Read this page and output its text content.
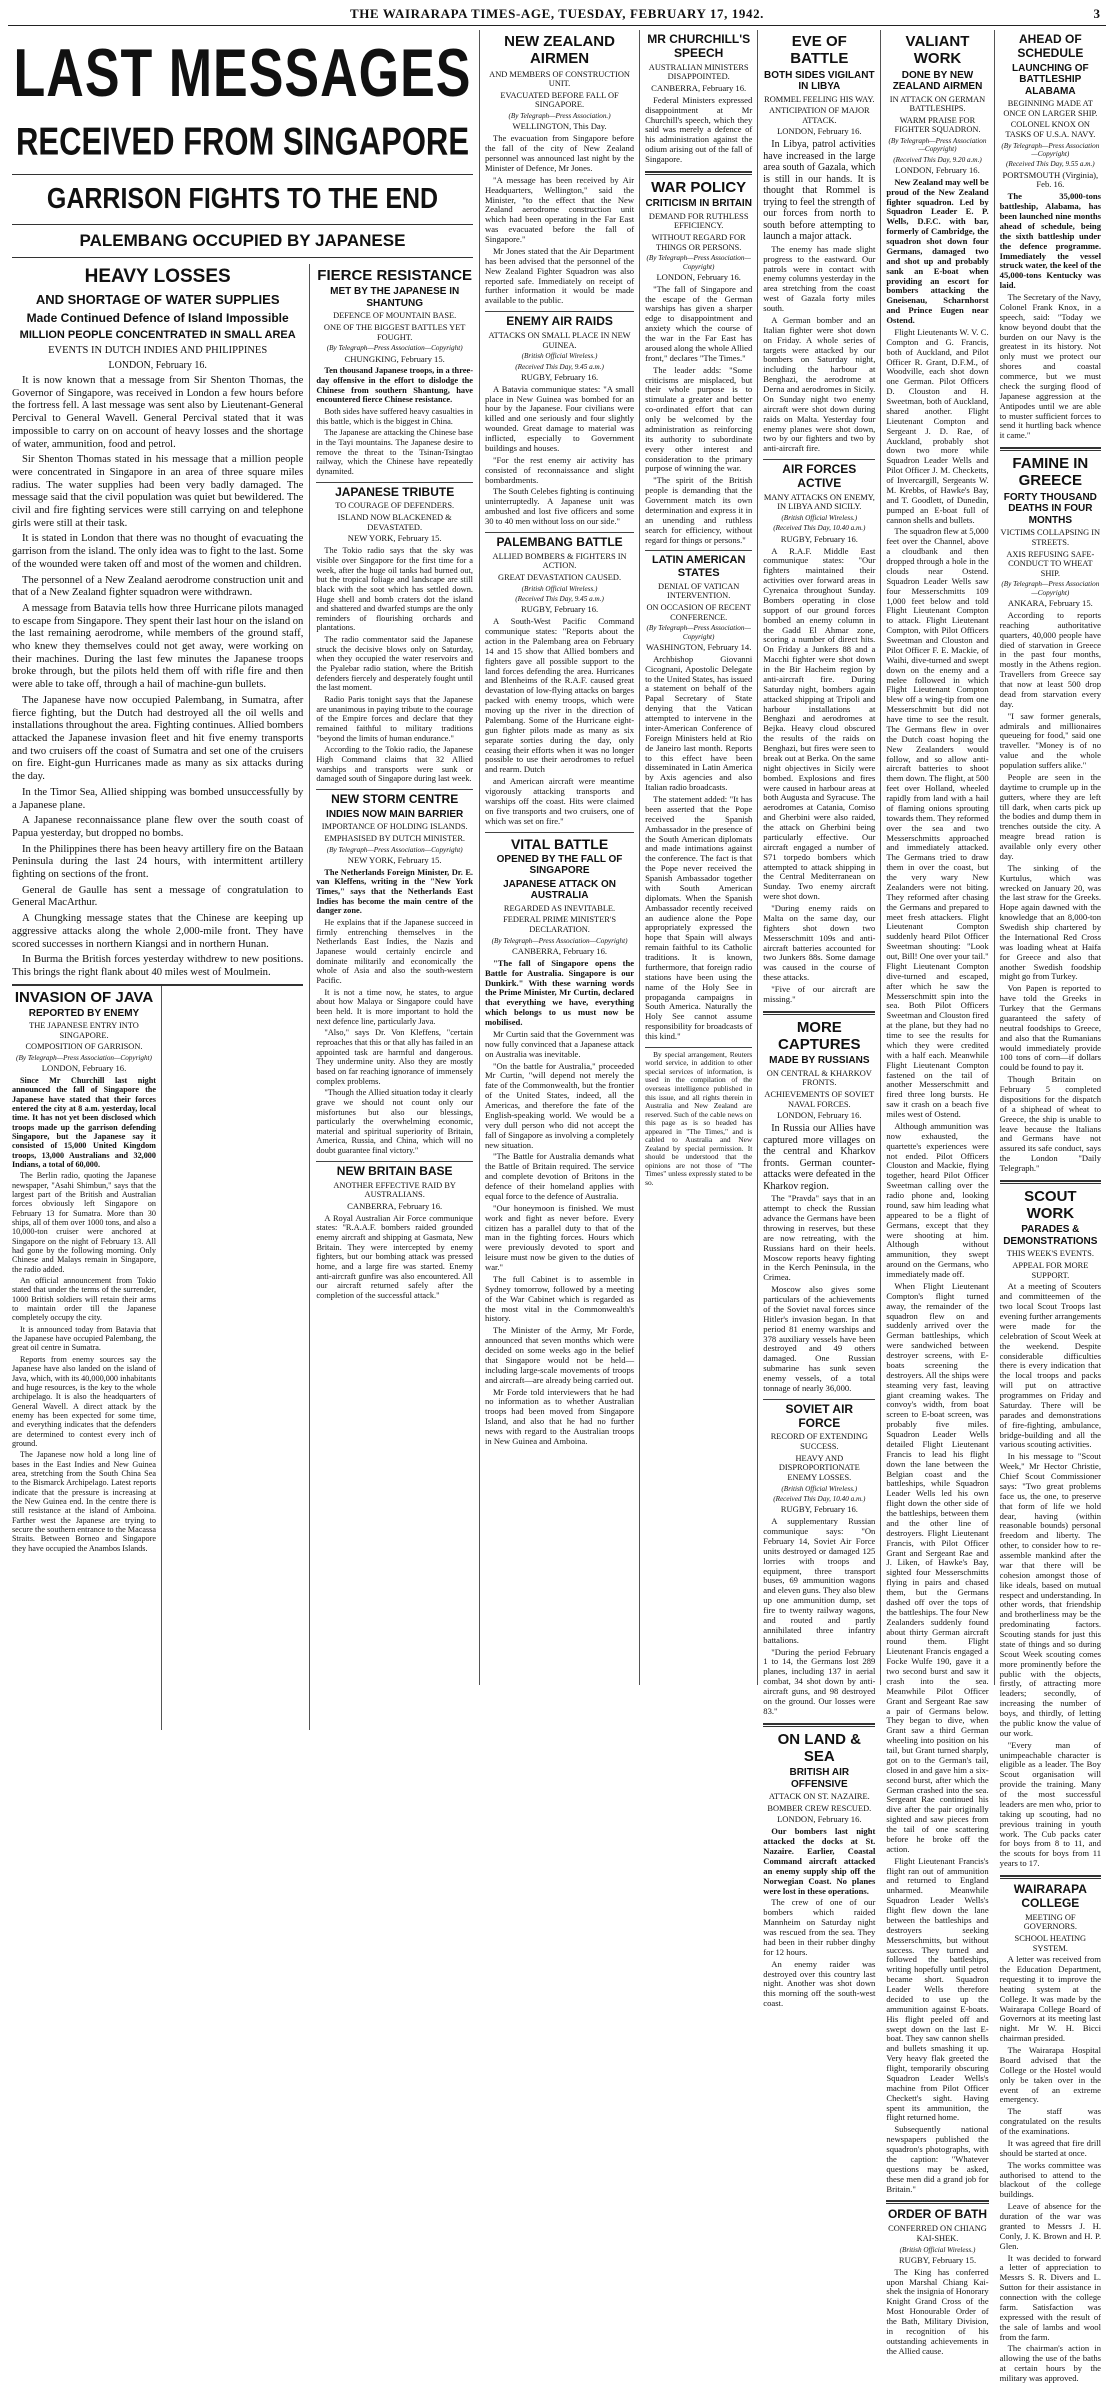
THE WAIRARAPA TIMES-AGE, TUESDAY, FEBRUARY 17, 1942.	3
LAST MESSAGES
RECEIVED FROM SINGAPORE
GARRISON FIGHTS TO THE END
PALEMBANG OCCUPIED BY JAPANESE
HEAVY LOSSES
AND SHORTAGE OF WATER SUPPLIES
Made Continued Defence of Island Impossible
MILLION PEOPLE CONCENTRATED IN SMALL AREA
EVENTS IN DUTCH INDIES AND PHILIPPINES
LONDON, February 16.

It is now known that a message from Sir Shenton Thomas, the Governor of Singapore, was received in London a few hours before the fortress fell. A last message was sent also by Lieutenant-General Percival to General Wavell. General Percival stated that it was impossible to carry on on account of heavy losses and the shortage of water, ammunition, food and petrol.

Sir Shenton Thomas stated in his message that a million people were concentrated in Singapore in an area of three square miles radius. The water supplies had been very badly damaged. The message said that the civil population was quiet but bewildered. The civil and fire fighting services were still carrying on and telephone girls were still at their task.

It is stated in London that there was no thought of evacuating the garrison from the island. The only idea was to fight to the last. Some of the wounded were taken off and most of the women and children.

The personnel of a New Zealand aerodrome construction unit and that of a New Zealand fighter squadron were withdrawn.

A message from Batavia tells how three Hurricane pilots managed to escape from Singapore. They spent their last hour on the island on the last remaining aerodrome, while members of the ground staff, who knew they themselves could not get away, were working on their machines. During the last few minutes the Japanese troops broke through, but the pilots held them off with rifle fire and then were able to take off, through a hail of machine-gun bullets.

The Japanese have now occupied Palembang, in Sumatra, after fierce fighting, but the Dutch had destroyed all the oil wells and installations throughout the area. Fighting continues. Allied bombers attacked the Japanese invasion fleet and hit five enemy transports and two cruisers off the coast of Sumatra and set one of the cruisers on fire. Eight-gun Hurricanes made as many as six attacks during the day.

In the Timor Sea, Allied shipping was bombed unsuccessfully by a Japanese plane.

A Japanese reconnaissance plane flew over the south coast of Papua yesterday, but dropped no bombs.

In the Philippines there has been heavy artillery fire on the Bataan Peninsula during the last 24 hours, with intermittent artillery fighting on sections of the front.

General de Gaulle has sent a message of congratulation to General MacArthur.

A Chungking message states that the Chinese are keeping up aggressive attacks along the whole 2,000-mile front. They have scored successes in northern Kiangsi and in northern Hunan.

In Burma the British forces yesterday withdrew to new positions. This brings the right flank about 40 miles west of Moulmein.

INVASION OF JAVA
REPORTED BY ENEMY
THE JAPANESE ENTRY INTO SINGAPORE.
COMPOSITION OF GARRISON.
(By Telegraph—Press Association—Copyright)
LONDON, February 16.

Since Mr Churchill last night announced the fall of Singapore the Japanese have stated that their forces entered the city at 8 a.m. yesterday, local time. It has not yet been disclosed which troops made up the garrison defending Singapore, but the Japanese say it consisted of 15,000 United Kingdom troops, 13,000 Australians and 32,000 Indians, a total of 60,000.

The Berlin radio, quoting the Japanese newspaper, "Asahi Shimbun," says that the largest part of the British and Australian forces obviously left Singapore on February 13 for Sumatra. More than 30 ships, all of them over 1000 tons, and also a 10,000-ton cruiser were anchored at Singapore on the night of February 13. All had gone by the following morning. Only Chinese and Malays remain in Singapore, the radio added.

An official announcement from Tokio stated that under the terms of the surrender, 1000 British soldiers will retain their arms to maintain order till the Japanese completely occupy the city.

It is announced today from Batavia that the Japanese have occupied Palembang, the great oil centre in Sumatra.

Reports from enemy sources say the Japanese have also landed on the island of Java, which, with its 40,000,000 inhabitants and huge resources, is the key to the whole archipelago. It is also the headquarters of General Wavell. A direct attack by the enemy has been expected for some time, and everything indicates that the defenders are determined to contest every inch of ground.

The Japanese now hold a long line of bases in the East Indies and New Guinea area, stretching from the South China Sea to the Bismarck Archipelago. Latest reports indicate that the pressure is increasing at the New Guinea end. In the centre there is still resistance at the island of Amboina. Farther west the Japanese are trying to secure the southern entrance to the Macassa Straits. Between Borneo and Singapore they have occupied the Anambos Islands.

FIERCE RESISTANCE
MET BY THE JAPANESE IN SHANTUNG
DEFENCE OF MOUNTAIN BASE.
ONE OF THE BIGGEST BATTLES YET FOUGHT.
(By Telegraph—Press Association—Copyright)
CHUNGKING, February 15.

Ten thousand Japanese troops, in a three-day offensive in the effort to dislodge the Chinese from southern Shantung, have encountered fierce Chinese resistance.

Both sides have suffered heavy casualties in this battle, which is the biggest in China.

The Japanese are attacking the Chinese base in the Tayi mountains. The Japanese desire to remove the threat to the Tsinan-Tsingtao railway, which the Chinese have repeatedly dynamited.

JAPANESE TRIBUTE
TO COURAGE OF DEFENDERS.
ISLAND NOW BLACKENED & DEVASTATED.
NEW YORK, February 15.

The Tokio radio says that the sky was visible over Singapore for the first time for a week, after the huge oil tanks had burned out, but the tropical foliage and landscape are still black with the soot which has settled down. Huge shell and bomb craters dot the island and shattered and dwarfed stumps are the only reminders of flourishing orchards and plantations.

The radio commentator said the Japanese struck the decisive blows only on Saturday, when they occupied the water reservoirs and the Pyalebar radio station, where the British defenders fiercely and desperately fought until the last moment.

Radio Paris tonight says that the Japanese are unanimous in paying tribute to the courage of the Empire forces and declare that they remained faithful to military traditions "beyond the limits of human endurance."

According to the Tokio radio, the Japanese High Command claims that 32 Allied warships and transports were sunk or damaged south of Singapore during last week.

NEW STORM CENTRE
INDIES NOW MAIN BARRIER
IMPORTANCE OF HOLDING ISLANDS.
EMPHASISED BY DUTCH MINISTER.
(By Telegraph—Press Association—Copyright)
NEW YORK, February 15.

The Netherlands Foreign Minister, Dr. E. van Kleffens, writing in the "New York Times," says that the Netherlands East Indies has become the main centre of the danger zone.

He explains that if the Japanese succeed in firmly entrenching themselves in the Netherlands East Indies, the Nazis and Japanese would certainly encircle and dominate militarily and economically the whole of Asia and also the south-western Pacific.

It is not a time now, he states, to argue about how Malaya or Singapore could have been held. It is more important to hold the next defence line, particularly Java.

"Also," says Dr. Von Kleffens, "certain reproaches that this or that ally has failed in an appointed task are harmful and dangerous. They undermine unity. Also they are mostly based on far reaching ignorance of immensely complex problems.

"Though the Allied situation today it clearly grave we should not count only our misfortunes but also our blessings, particularly the overwhelming economic, material and spiritual superiority of Britain, America, Russia, and China, which will no doubt guarantee final victory."

NEW BRITAIN BASE
ANOTHER EFFECTIVE RAID BY AUSTRALIANS.
CANBERRA, February 16.

A Royal Australian Air Force communique states: "R.A.A.F. bombers raided grounded enemy aircraft and shipping at Gasmata, New Britain. They were intercepted by enemy fighters, but our bombing attack was pressed home, and a large fire was started. Enemy anti-aircraft gunfire was also encountered. All our aircraft returned safely after the completion of the successful attack."

NEW ZEALAND AIRMEN
AND MEMBERS OF CONSTRUCTION UNIT.
EVACUATED BEFORE FALL OF SINGAPORE.
(By Telegraph—Press Association.)
WELLINGTON, This Day.

The evacuation from Singapore before the fall of the city of New Zealand personnel was announced last night by the Minister of Defence, Mr Jones.

"A message has been received by Air Headquarters, Wellington," said the Minister, "to the effect that the New Zealand aerodrome construction unit which had been operating in the Far East was evacuated before the fall of Singapore."

Mr Jones stated that the Air Department has been advised that the personnel of the New Zealand Fighter Squadron was also reported safe. Immediately on receipt of further information it would be made available to the public.

ENEMY AIR RAIDS
ATTACKS ON SMALL PLACE IN NEW GUINEA.
(British Official Wireless.)
(Received This Day, 9.45 a.m.)
RUGBY, February 16.

A Batavia communique states: "A small place in New Guinea was bombed for an hour by the Japanese. Four civilians were killed and one seriously and four slightly wounded. Great damage to material was inflicted, especially to Government buildings and houses.

"For the rest enemy air activity has consisted of reconnaissance and slight bombardments.

The South Celebes fighting is continuing uninterruptedly. A Japanese unit was ambushed and lost five officers and some 30 to 40 men without loss on our side."

PALEMBANG BATTLE
ALLIED BOMBERS & FIGHTERS IN ACTION.
GREAT DEVASTATION CAUSED.
(British Official Wireless.)
(Received This Day, 9.45 a.m.)
RUGBY, February 16.

A South-West Pacific Command communique states: "Reports about the action in the Palembang area on February 14 and 15 show that Allied bombers and fighters gave all possible support to the land forces defending the area. Hurricanes and Blenheims of the R.A.F. caused great devastation of low-flying attacks on barges packed with enemy troops, which were moving up the river in the direction of Palembang. Some of the Hurricane eight-gun fighter pilots made as many as six separate sorties during the day, only ceasing their efforts when it was no longer possible to use their aerodromes to refuel and rearm. Dutch

and American aircraft were meantime vigorously attacking transports and warships off the coast. Hits were claimed on five transports and two cruisers, one of which was set on fire."

VITAL BATTLE
OPENED BY THE FALL OF SINGAPORE
JAPANESE ATTACK ON AUSTRALIA
REGARDED AS INEVITABLE.
FEDERAL PRIME MINISTER'S DECLARATION.
(By Telegraph—Press Association—Copyright)
CANBERRA, February 16.

"The fall of Singapore opens the Battle for Australia. Singapore is our Dunkirk." With these warning words the Prime Minister, Mr Curtin, declared that everything we have, everything which belongs to us must now be mobilised.

Mr Curtin said that the Government was now fully convinced that a Japanese attack on Australia was inevitable.

"On the battle for Australia," proceeded Mr Curtin, "will depend not merely the fate of the Commonwealth, but the frontier of the United States, indeed, all the Americas, and therefore the fate of the English-speaking world. We would be a very dull person who did not accept the fall of Singapore as involving a completely new situation.

"The Battle for Australia demands what the Battle of Britain required. The service and complete devotion of Britons in the defence of their homeland applies with equal force to the defence of Australia.

"Our honeymoon is finished. We must work and fight as never before. Every citizen has a parallel duty to that of the man in the fighting forces. Hours which were previously devoted to sport and leisure must now be given to the duties of war."

The full Cabinet is to assemble in Sydney tomorrow, followed by a meeting of the War Cabinet which is regarded as the most vital in the Commonwealth's history.

The Minister of the Army, Mr Forde, announced that seven months which were decided on some weeks ago in the belief that Singapore would not be held—including large-scale movements of troops and aircraft—are already being carried out.

Mr Forde told interviewers that he had no information as to whether Australian troops had been moved from Singapore Island, and also that he had no further news with regard to the Australian troops in New Guinea and Amboina.

MR CHURCHILL'S SPEECH
AUSTRALIAN MINISTERS DISAPPOINTED.
CANBERRA, February 16.

Federal Ministers expressed disappointment at Mr Churchill's speech, which they said was merely a defence of his administration against the odium arising out of the fall of Singapore.

WAR POLICY
CRITICISM IN BRITAIN
DEMAND FOR RUTHLESS EFFICIENCY.
WITHOUT REGARD FOR THINGS OR PERSONS.
(By Telegraph—Press Association—Copyright)
LONDON, February 16.

"The fall of Singapore and the escape of the German warships has given a sharper edge to disappointment and anxiety which the course of the war in the Far East has aroused along the whole Allied front," declares "The Times."

The leader adds: "Some criticisms are misplaced, but their whole purpose is to stimulate a greater and better co-ordinated effort that can only be welcomed by the administration as reinforcing its authority to subordinate every other interest and consideration to the primary purpose of winning the war.

"The spirit of the British people is demanding that the Government match its own determination and express it in an unending and ruthless search for efficiency, without regard for things or persons."

LATIN AMERICAN STATES
DENIAL OF VATICAN INTERVENTION.
ON OCCASION OF RECENT CONFERENCE.
(By Telegraph—Press Association—Copyright)
WASHINGTON, February 14.

Archbishop Giovanni Cicognani, Apostolic Delegate to the United States, has issued a statement on behalf of the Papal Secretary of State denying that the Vatican attempted to intervene in the inter-American Conference of Foreign Ministers held at Rio de Janeiro last month. Reports to this effect have been disseminated in Latin America by Axis agencies and also Italian radio broadcasts.

The statement added: "It has been asserted that the Pope received the Spanish Ambassador in the presence of the South American diplomats and made intimations against the conference. The fact is that the Pope never received the Spanish Ambassador together with South American diplomats. When the Spanish Ambassador recently received an audience alone the Pope appropriately expressed the hope that Spain will always remain faithful to its Catholic traditions. It is known, furthermore, that foreign radio stations have been using the name of the Holy See in propaganda campaigns in South America. Naturally the Holy See cannot assume responsibility for broadcasts of this kind."

By special arrangement, Reuters world service, in addition to other special services of information, is used in the compilation of the overseas intelligence published in this issue, and all rights therein in Australia and New Zealand are reserved. Such of the cable news on this page as is so headed has appeared in "The Times," and is cabled to Australia and New Zealand by special permission. It should be understood that the opinions are not those of "The Times" unless expressly stated to be so.

EVE OF BATTLE
BOTH SIDES VIGILANT IN LIBYA
ROMMEL FEELING HIS WAY.
ANTICIPATION OF MAJOR ATTACK.
LONDON, February 16.

In Libya, patrol activities have increased in the large area south of Gazala, which is still in our hands. It is thought that Rommel is trying to feel the strength of our forces from north to south before attempting to launch a major attack.

The enemy has made slight progress to the eastward. Our patrols were in contact with enemy columns yesterday in the area stretching from the coast west of Gazala forty miles south.

A German bomber and an Italian fighter were shot down on Friday. A whole series of targets were attacked by our bombers on Saturday night, including the harbour at Benghazi, the aerodrome at Derna and aerodromes in Sicily. On Sunday night two enemy aircraft were shot down during raids on Malta. Yesterday four enemy planes were shot down, two by our fighters and two by anti-aircraft fire.

AIR FORCES ACTIVE
MANY ATTACKS ON ENEMY, IN LIBYA AND SICILY.
(British Official Wireless.)
(Received This Day, 10.40 a.m.)
RUGBY, February 16.

A R.A.F. Middle East communique states: "Our fighters maintained their activities over forward areas in Cyrenaica throughout Sunday. Bombers operating in close support of our ground forces bombed an enemy column in the Gadd El Ahmar zone, scoring a number of direct hits. On Friday a Junkers 88 and a Macchi fighter were shot down in the Bir Hacheim region by anti-aircraft fire. During Saturday night, bombers again attacked shipping at Tripoli and harbour installations at Benghazi and aerodromes at Bejka. Heavy cloud obscured the results of the raids on Benghazi, but fires were seen to break out at Berka. On the same night objectives in Sicily were bombed. Explosions and fires were caused in harbour areas at both Augusta and Syracuse. The aerodromes at Catania, Comiso and Gherbini were also raided, the attack on Gherbini being particularly effective. Our aircraft engaged a number of S71 torpedo bombers which attempted to attack shipping in the Central Mediterranean on Sunday. Two enemy aircraft were shot down.

"During enemy raids on Malta on the same day, our fighters shot down two Messerschmitt 109s and anti-aircraft batteries accounted for two Junkers 88s. Some damage was caused in the course of these attacks.

"Five of our aircraft are missing."

MORE CAPTURES
MADE BY RUSSIANS
ON CENTRAL & KHARKOV FRONTS.
ACHIEVEMENTS OF SOVIET NAVAL FORCES.
LONDON, February 16.

In Russia our Allies have captured more villages on the central and Kharkov fronts. German counter-attacks were defeated in the Kharkov region.

The "Pravda" says that in an attempt to check the Russian advance the Germans have been throwing in reserves, but these are now retreating, with the Russians hard on their heels. Moscow reports heavy fighting in the Kerch Peninsula, in the Crimea.

Moscow also gives some particulars of the achievements of the Soviet naval forces since Hitler's invasion began. In that period 81 enemy warships and 378 auxiliary vessels have been destroyed and 49 others damaged. One Russian submarine has sunk seven enemy vessels, of a total tonnage of nearly 36,000.

SOVIET AIR FORCE
RECORD OF EXTENDING SUCCESS.
HEAVY AND DISPROPORTIONATE ENEMY LOSSES.
(British Official Wireless.)
(Received This Day, 10.40 a.m.)
RUGBY, February 16.

A supplementary Russian communique says: "On February 14, Soviet Air Force units destroyed or damaged 125 lorries with troops and equipment, three transport buses, 69 ammunition wagons and eleven guns. They also blew up one ammunition dump, set fire to twenty railway wagons, and routed and partly annihilated three infantry battalions.

"During the period February 1 to 14, the Germans lost 289 planes, including 137 in aerial combat, 34 shot down by anti-aircraft guns, and 98 destroyed on the ground. Our losses were 83."

ON LAND & SEA
BRITISH AIR OFFENSIVE
ATTACK ON ST. NAZAIRE.
BOMBER CREW RESCUED.
LONDON, February 16.

Our bombers last night attacked the docks at St. Nazaire. Earlier, Coastal Command aircraft attacked an enemy supply ship off the Norwegian Coast. No planes were lost in these operations.

The crew of one of our bombers which raided Mannheim on Saturday night was rescued from the sea. They had been in their rubber dinghy for 12 hours.

An enemy raider was destroyed over this country last night. Another was shot down this morning off the south-west coast.

VALIANT WORK
DONE BY NEW ZEALAND AIRMEN
IN ATTACK ON GERMAN BATTLESHIPS.
WARM PRAISE FOR FIGHTER SQUADRON.
(By Telegraph—Press Association—Copyright)
(Received This Day, 9.20 a.m.)
LONDON, February 16.

New Zealand may well be proud of the New Zealand fighter squadron. Led by Squadron Leader E. P. Wells, D.F.C. with bar, formerly of Cambridge, the squadron shot down four Germans, damaged two and shot up and probably sank an E-boat when providing an escort for bombers attacking the Gneisenau, Scharnhorst and Prince Eugen near Ostend.

Flight Lieutenants W. V. C. Compton and G. Francis, both of Auckland, and Pilot Officer R. Grant, D.F.M., of Woodville, each shot down one German. Pilot Officers D. Clouston and H. Sweetman, both of Auckland, shared another. Flight Lieutenant Compton and Sergeant J. D. Rae, of Auckland, probably shot down two more while Squadron Leader Wells and Pilot Officer J. M. Checketts, of Invercargill, Sergeants W. M. Krebbs, of Hawke's Bay, and T. Goodlett, of Dunedin, pumped an E-boat full of cannon shells and bullets.

The squadron flew at 5,000 feet over the Channel, above a cloudbank and then dropped through a hole in the clouds near Ostend. Squadron Leader Wells saw four Messerschmitts 109 1,000 feet below and told Flight Lieutenant Compton to attack. Flight Lieutenant Compton, with Pilot Officers Sweetman and Clouston and Pilot Officer F. E. Mackie, of Waihi, dive-turned and swept down on the enemy and a melee followed in which Flight Lieutenant Compton blew off a wing-tip from one Messerschmitt but did not have time to see the result. The Germans flew in over the Dutch coast hoping the New Zealanders would follow, and so allow anti-aircraft batteries to shoot them down. The flight, at 500 feet over Holland, wheeled rapidly from land with a hail of flaming onions sprouting towards them. They reformed over the sea and two Messerschmitts approached and immediately attacked. The Germans tried to draw them in over the coast, but the very wary New Zealanders were not biting. They reformed after chasing the Germans and prepared to meet fresh attackers. Flight Lieutenant Compton suddenly heard Pilot Officer Sweetman shouting: "Look out, Bill! One over your tail." Flight Lieutenant Compton dive-turned and escaped, after which he saw the Messerschmitt spin into the sea. Both Pilot Officers Sweetman and Clouston fired at the plane, but they had no time to see the results for which they were credited with a half each. Meanwhile Flight Lieutenant Compton fastened on the tail of another Messerschmitt and fired three long bursts. He saw it crash on a beach five miles west of Ostend.

Although ammunition was now exhausted, the quartette's experiences were not ended. Pilot Officers Clouston and Mackie, flying together, heard Pilot Officer Sweetman calling over the radio phone and, looking round, saw him leading what appeared to be a flight of Germans, except that they were shooting at him. Although without ammunition, they swept around on the Germans, who immediately made off.

When Flight Lieutenant Compton's flight turned away, the remainder of the squadron flew on and suddenly arrived over the German battleships, which were sandwiched between destroyer screens, with E-boats screening the destroyers. All the ships were steaming very fast, leaving giant creaming wakes. The convoy's width, from boat screen to E-boat screen, was probably five miles. Squadron Leader Wells detailed Flight Lieutenant Francis to lead his flight down the lane between the Belgian coast and the battleships, while Squadron Leader Wells led his own flight down the other side of the battleships, between them and the other line of destroyers. Flight Lieutenant Francis, with Pilot Officer Grant and Sergeant Rae and J. Liken, of Hawke's Bay, sighted four Messerschmitts flying in pairs and chased them, but the Germans dashed off over the tops of the battleships. The four New Zealanders suddenly found about thirty German aircraft round them. Flight Lieutenant Francis engaged a Focke Wulfe 190, gave it a two second burst and saw it crash into the sea. Meanwhile Pilot Officer Grant and Sergeant Rae saw a pair of Germans below. They began to dive, when Grant saw a third German wheeling into position on his tail, but Grant turned sharply, got on to the German's tail, closed in and gave him a six-second burst, after which the German crashed into the sea. Sergeant Rae continued his dive after the pair originally sighted and saw pieces from the tail of one scattering before he broke off the action.

Flight Lieutenant Francis's flight ran out of ammunition and returned to England unharmed. Meanwhile Squadron Leader Wells's flight flew down the lane between the battleships and destroyers seeking Messerschmitts, but without success. They turned and followed the battleships, writing hopefully until petrol became short. Squadron Leader Wells therefore decided to use up the ammunition against E-boats. His flight peeled off and swept down on the last E-boat. They saw cannon shells and bullets smashing it up. Very heavy flak greeted the flight, temporarily obscuring Squadron Leader Wells's machine from Pilot Officer Checkett's sight. Having spent its ammunition, the flight returned home.

Subsequently national newspapers published the squadron's photographs, with the caption: "Whatever questions may be asked, these men did a grand job for Britain."

ORDER OF BATH
CONFERRED ON CHIANG KAI-SHEK.
(British Official Wireless.)
RUGBY, February 15.

The King has conferred upon Marshal Chiang Kai-shek the insignia of Honorary Knight Grand Cross of the Most Honourable Order of the Bath, Military Division, in recognition of his outstanding achievements in the Allied cause.

AHEAD OF SCHEDULE
LAUNCHING OF BATTLESHIP ALABAMA
BEGINNING MADE AT ONCE ON LARGER SHIP.
COLONEL KNOX ON TASKS OF U.S.A. NAVY.
(By Telegraph—Press Association—Copyright)
(Received This Day, 9.55 a.m.)
PORTSMOUTH (Virginia), Feb. 16.

The 35,000-tons battleship, Alabama, has been launched nine months ahead of schedule, being the sixth battleship under the defence programme. Immediately the vessel struck water, the keel of the 45,000-tons Kentucky was laid.

The Secretary of the Navy, Colonel Frank Knox, in a speech, said: "Today we know beyond doubt that the burden on our Navy is the greatest in its history. Not only must we protect our shores and coastal commerce, but we must check the surging flood of Japanese aggression at the Antipodes until we are able to muster sufficient forces to send it hurtling back whence it came."

FAMINE IN GREECE
FORTY THOUSAND DEATHS IN FOUR MONTHS
VICTIMS COLLAPSING IN STREETS.
AXIS REFUSING SAFE-CONDUCT TO WHEAT SHIP.
(By Telegraph—Press Association—Copyright)
ANKARA, February 15.

According to reports reaching authoritative quarters, 40,000 people have died of starvation in Greece in the past four months, mostly in the Athens region. Travellers from Greece say that now at least 500 drop dead from starvation every day.

"I saw former generals, admirals and millionaires queueing for food," said one traveller. "Money is of no value and the whole population suffers alike."

People are seen in the daytime to crumple up in the gutters, where they are left till dark, when carts pick up the bodies and dump them in trenches outside the city. A meagre bread ration is available only every other day.

The sinking of the Kurtulus, which was wrecked on January 20, was the last straw for the Greeks. Hope again dawned with the knowledge that an 8,000-ton Swedish ship chartered by the International Red Cross was loading wheat at Haifa for Greece and also that another Swedish foodship might go from Turkey.

Von Papen is reported to have told the Greeks in Turkey that the Germans guaranteed the safety of neutral foodships to Greece, and also that the Rumanians would immediately provide 100 tons of corn—if dollars could be found to pay it.

Though Britain on February 5 completed dispositions for the dispatch of a shiphead of wheat to Greece, the ship is unable to leave because the Italians and Germans have not assured its safe conduct, says the London "Daily Telegraph."

SCOUT WORK
PARADES & DEMONSTRATIONS
THIS WEEK'S EVENTS.
APPEAL FOR MORE SUPPORT.

At a meeting of Scouters and committeemen of the two local Scout Troops last evening further arrangements were made for the celebration of Scout Week at the weekend. Despite considerable difficulties there is every indication that the local troops and packs will put on attractive programmes on Friday and Saturday. There will be parades and demonstrations of fire-fighting, ambulance, bridge-building and all the various scouting activities.

In his message to "Scout Week," Mr Hector Christie, Chief Scout Commissioner says: "Two great problems face us, the one, to preserve that form of life we hold dear, having (within reasonable bounds) personal freedom and liberty. The other, to consider how to re-assemble mankind after the war that there will be cohesion amongst those of like ideals, based on mutual respect and understanding. In other words, that friendship and brotherliness may be the predominating factors. Scouting stands for just this state of things and so during Scout Week scouting comes more prominently before the public with the objects, firstly, of attracting more leaders; secondly, of increasing the number of boys, and thirdly, of letting the public know the value of our work.

"Every man of unimpeachable character is eligible as a leader. The Boy Scout organisation will provide the training. Many of the most successful leaders are men who, prior to taking up scouting, had no previous training in youth work. The Cub packs cater for boys from 8 to 11, and the scouts for boys from 11 years to 17.

WAIRARAPA COLLEGE
MEETING OF GOVERNORS.
SCHOOL HEATING SYSTEM.

A letter was received from the Education Department, requesting it to improve the heating system at the College. It was made by the Wairarapa College Board of Governors at its meeting last night. Mr W. H. Bicci chairman presided.

The Wairarapa Hospital Board advised that the College or the Hostel would only be taken over in the event of an extreme emergency.

The staff was congratulated on the results of the examinations.

It was agreed that fire drill should be started at once.

The works committee was authorised to attend to the blackout of the college buildings.

Leave of absence for the duration of the war was granted to Messrs J. H. Conly, J. K. Brown and H. P. Glen.

It was decided to forward a letter of appreciation to Messrs S. R. Divers and L. Sutton for their assistance in connection with the college farm. Satisfaction was expressed with the result of the sale of lambs and wool from the farm.

The chairman's action in allowing the use of the baths at certain hours by the military was approved.
